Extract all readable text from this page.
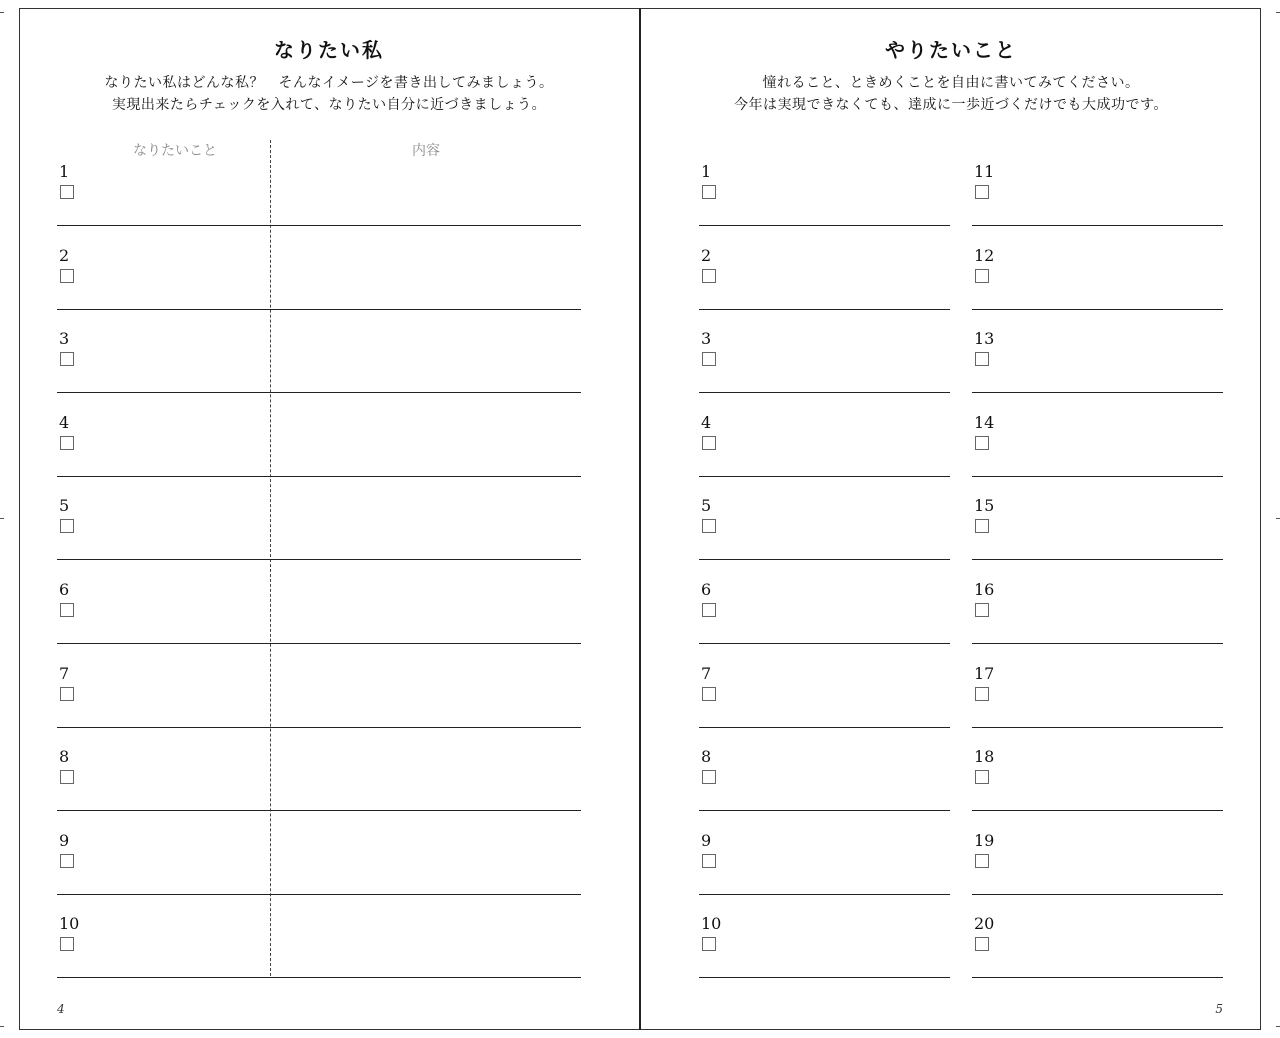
なりたい私
なりたい私はどんな私？　そんなイメージを書き出してみましょう。
実現出来たらチェックを入れて、なりたい自分に近づきましょう。
なりたいこと	内容
1
2
3
4
5
6
7
8
9
10
4
やりたいこと
憧れること、ときめくことを自由に書いてみてください。
今年は実現できなくても、達成に一歩近づくだけでも大成功です。
1
2
3
4
5
6
7
8
9
10
11
12
13
14
15
16
17
18
19
20
5
